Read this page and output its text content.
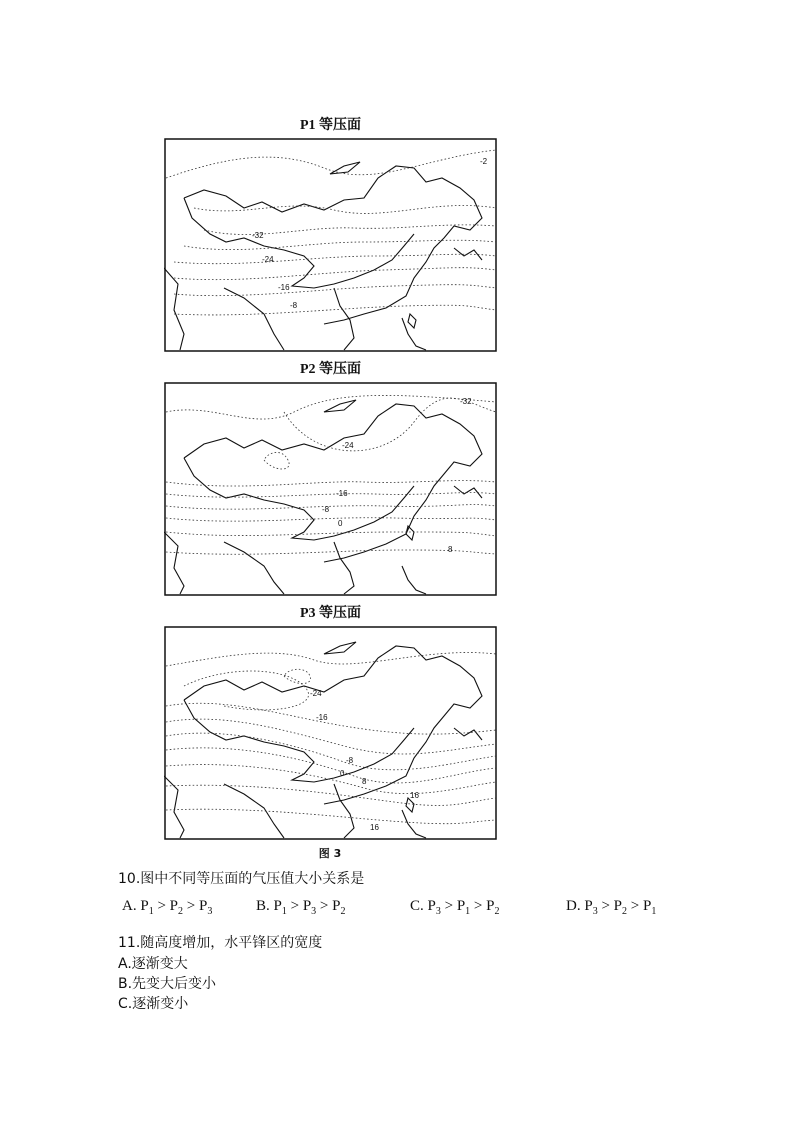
P1 等压面
-32
-24
-16
-8
-2
P2 等压面
-32
-24
-16
-8
0
8
P3 等压面
-24
-16
-8
0
8
16
16
图 3
10.图中不同等压面的气压值大小关系是
A. $P_1 > P_2 > P_3$	B. $P_1 > P_3 > P_2$	C. $P_3 > P_1 > P_2$	D. $P_3 > P_2 > P_1$
11.随高度增加，水平锋区的宽度
A.逐渐变大
B.先变大后变小
C.逐渐变小
